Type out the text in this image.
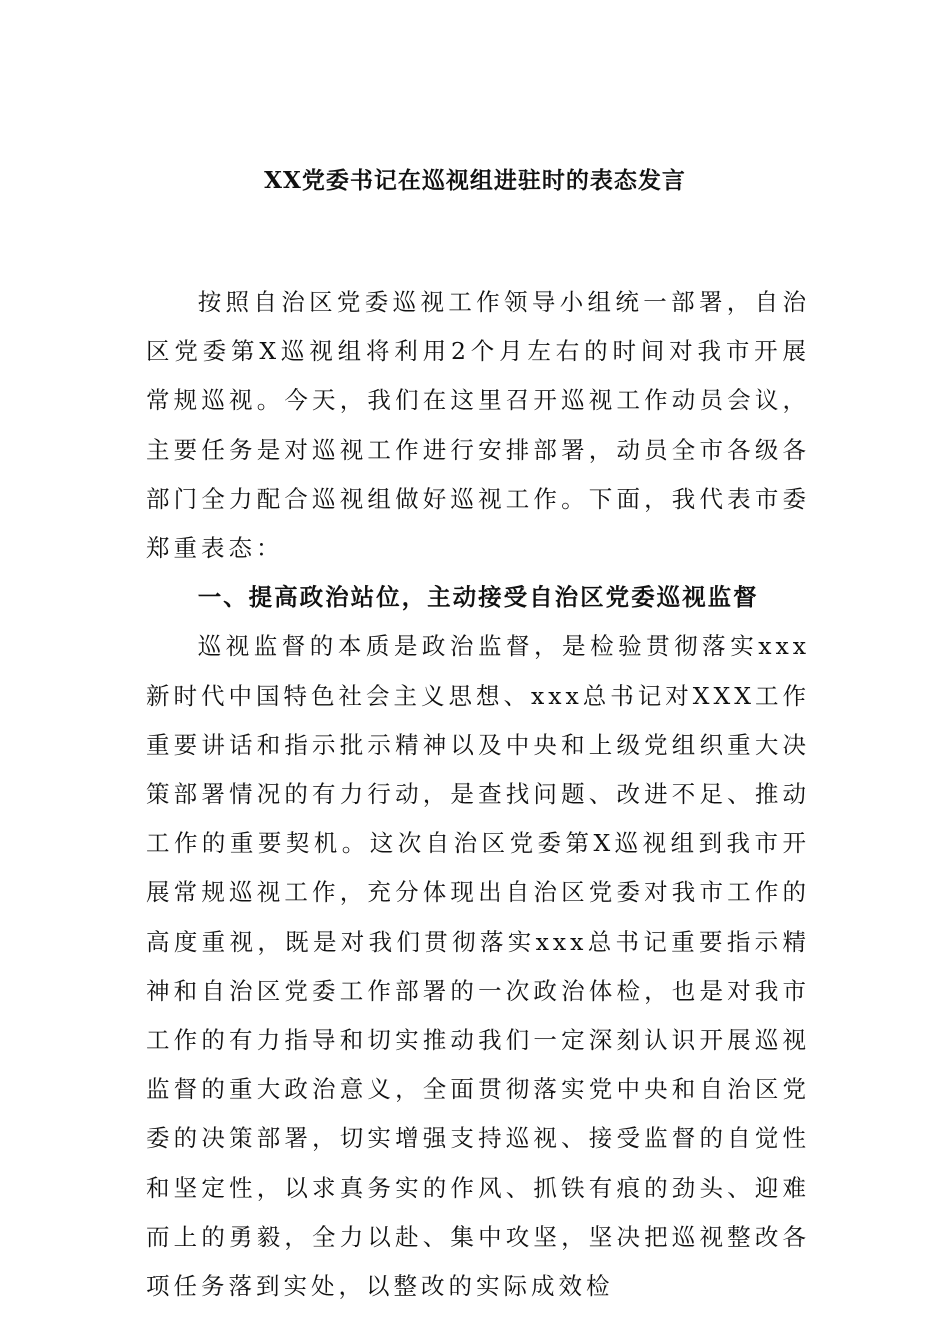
XX党委书记在巡视组进驻时的表态发言

按照自治区党委巡视工作领导小组统一部署，自治区党委第X巡视组将利用2个月左右的时间对我市开展常规巡视。今天，我们在这里召开巡视工作动员会议，主要任务是对巡视工作进行安排部署，动员全市各级各部门全力配合巡视组做好巡视工作。下面，我代表市委郑重表态：

一、提高政治站位，主动接受自治区党委巡视监督

巡视监督的本质是政治监督，是检验贯彻落实xxx新时代中国特色社会主义思想、xxx总书记对XXX工作重要讲话和指示批示精神以及中央和上级党组织重大决策部署情况的有力行动，是查找问题、改进不足、推动工作的重要契机。这次自治区党委第X巡视组到我市开展常规巡视工作，充分体现出自治区党委对我市工作的高度重视，既是对我们贯彻落实xxx总书记重要指示精神和自治区党委工作部署的一次政治体检，也是对我市工作的有力指导和切实推动我们一定深刻认识开展巡视监督的重大政治意义，全面贯彻落实党中央和自治区党委的决策部署，切实增强支持巡视、接受监督的自觉性和坚定性，以求真务实的作风、抓铁有痕的劲头、迎难而上的勇毅，全力以赴、集中攻坚，坚决把巡视整改各项任务落到实处，以整改的实际成效检
